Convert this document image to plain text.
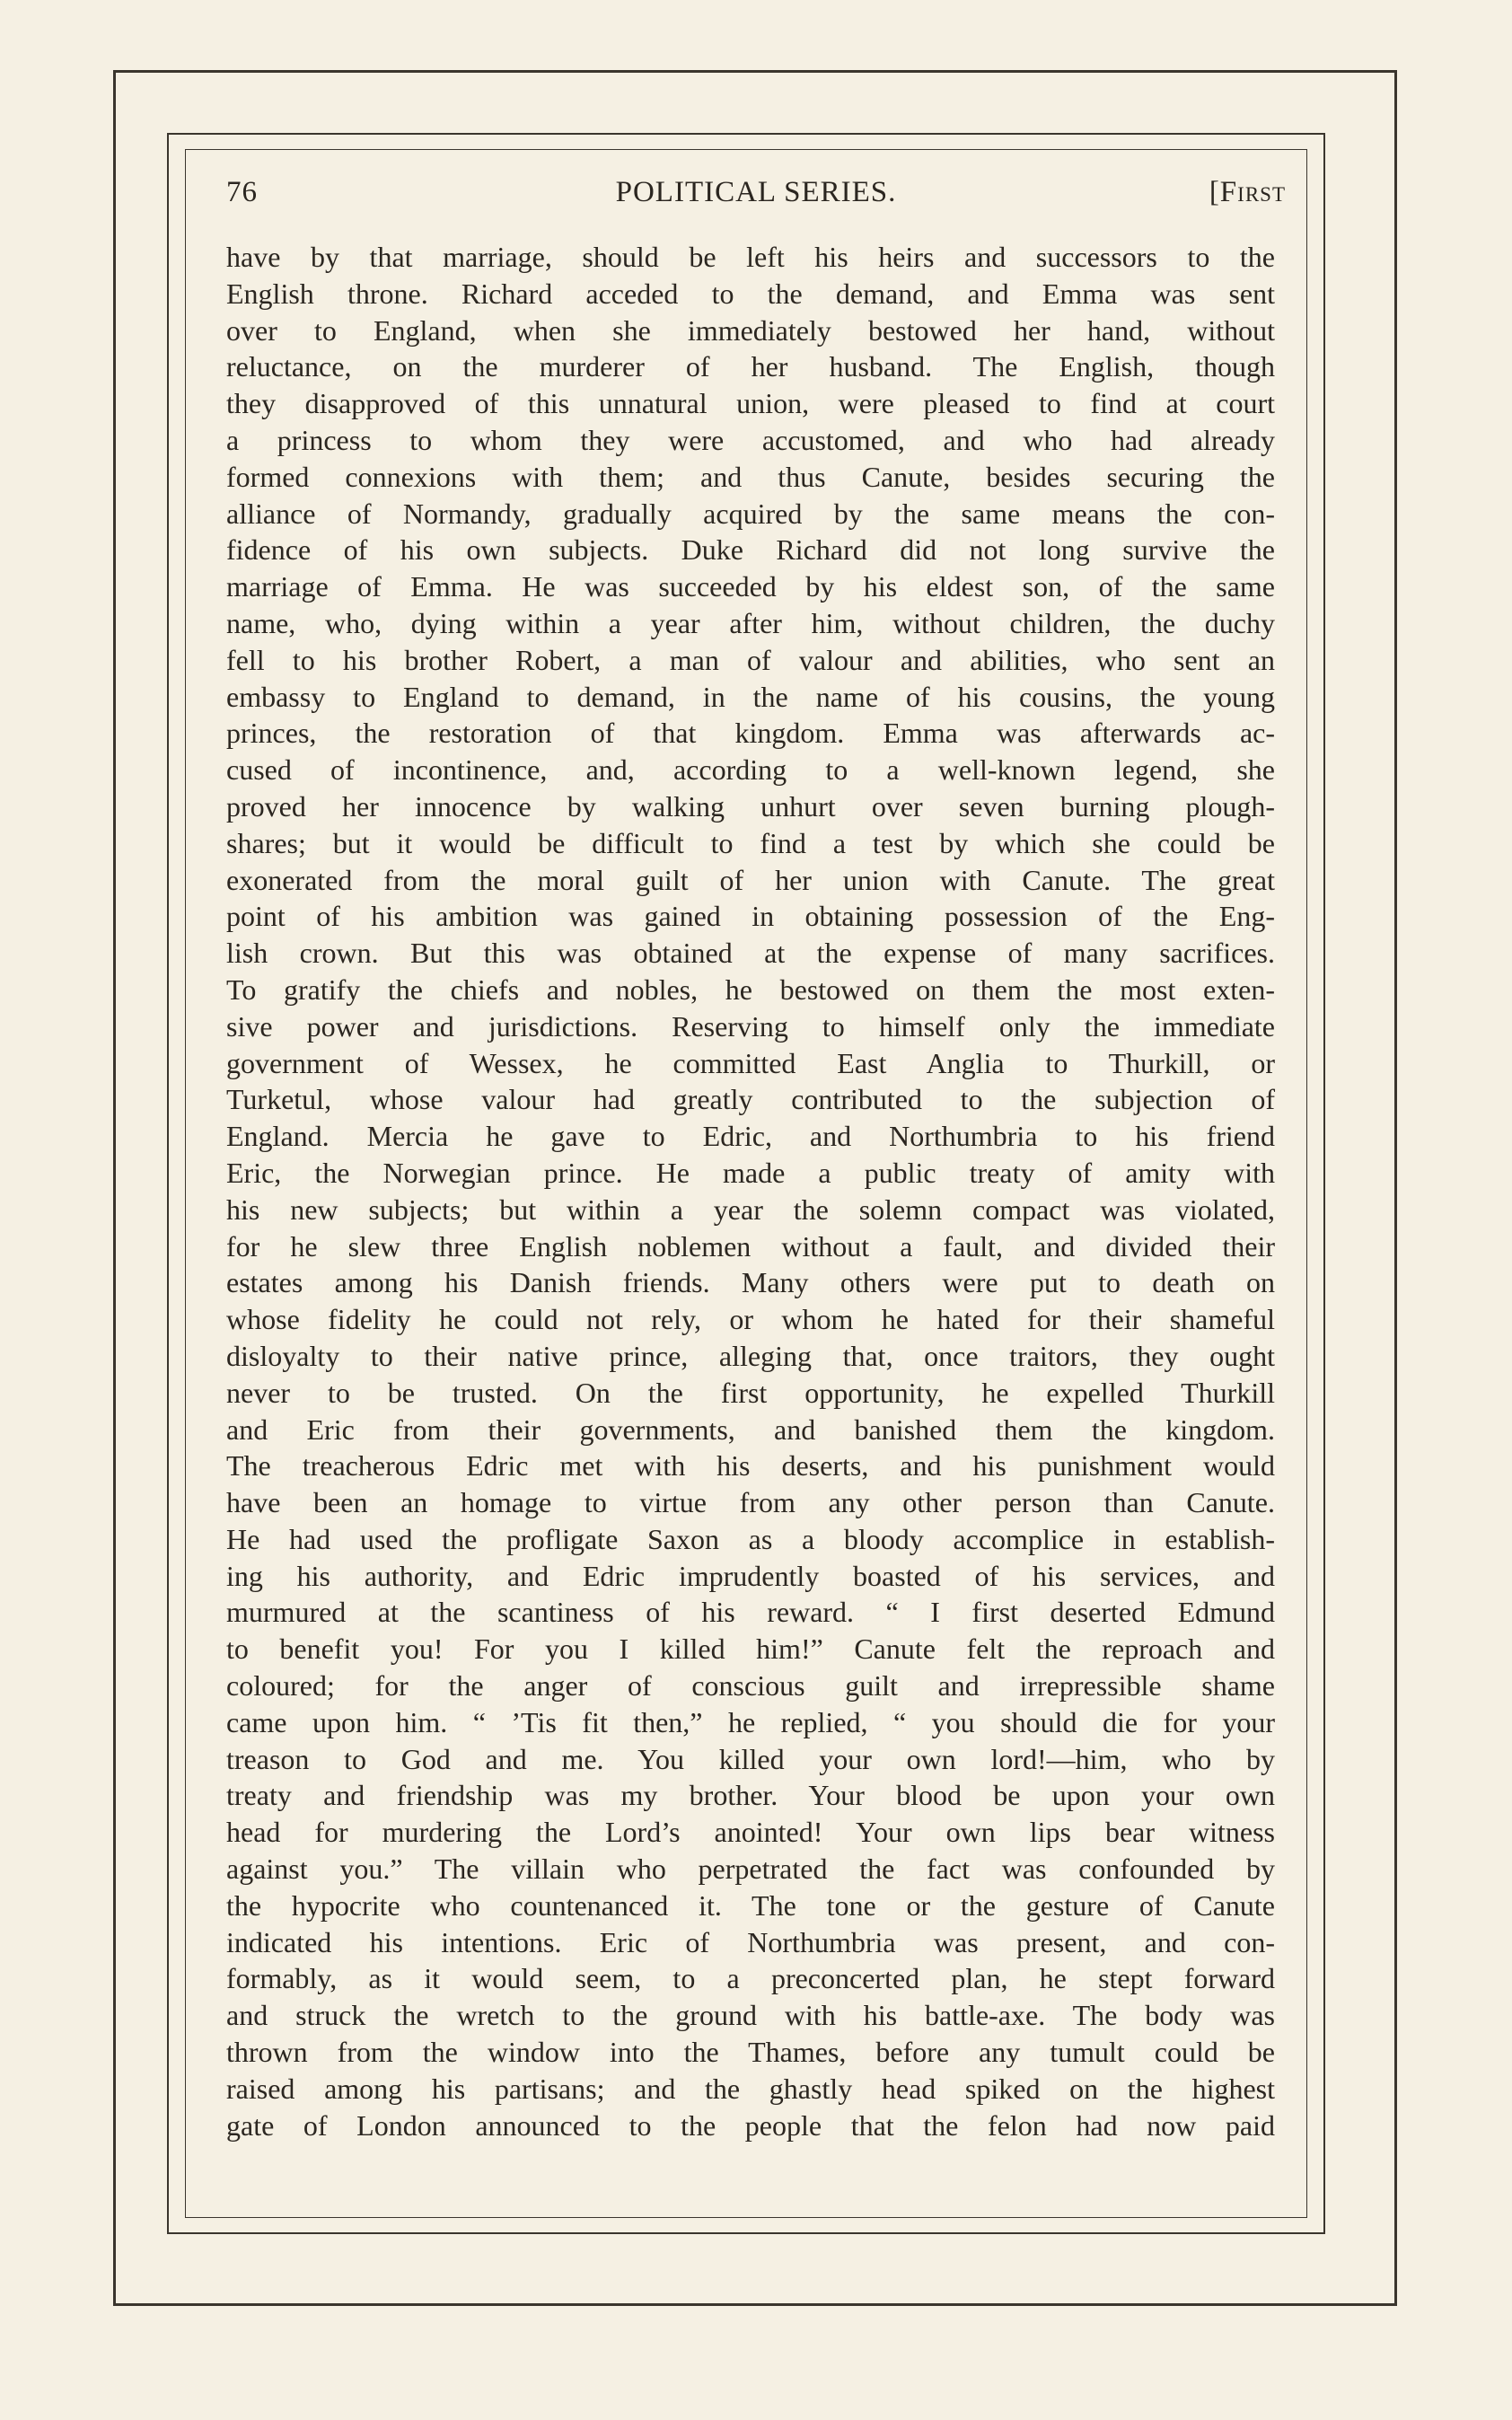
76	POLITICAL SERIES.	[First
have by that marriage, should be left his heirs and successors to the
English throne. Richard acceded to the demand, and Emma was sent
over to England, when she immediately bestowed her hand, without
reluctance, on the murderer of her husband. The English, though
they disapproved of this unnatural union, were pleased to find at court
a princess to whom they were accustomed, and who had already
formed connexions with them; and thus Canute, besides securing the
alliance of Normandy, gradually acquired by the same means the con-
fidence of his own subjects. Duke Richard did not long survive the
marriage of Emma. He was succeeded by his eldest son, of the same
name, who, dying within a year after him, without children, the duchy
fell to his brother Robert, a man of valour and abilities, who sent an
embassy to England to demand, in the name of his cousins, the young
princes, the restoration of that kingdom. Emma was afterwards ac-
cused of incontinence, and, according to a well-known legend, she
proved her innocence by walking unhurt over seven burning plough-
shares; but it would be difficult to find a test by which she could be
exonerated from the moral guilt of her union with Canute. The great
point of his ambition was gained in obtaining possession of the Eng-
lish crown. But this was obtained at the expense of many sacrifices.
To gratify the chiefs and nobles, he bestowed on them the most exten-
sive power and jurisdictions. Reserving to himself only the immediate
government of Wessex, he committed East Anglia to Thurkill, or
Turketul, whose valour had greatly contributed to the subjection of
England. Mercia he gave to Edric, and Northumbria to his friend
Eric, the Norwegian prince. He made a public treaty of amity with
his new subjects; but within a year the solemn compact was violated,
for he slew three English noblemen without a fault, and divided their
estates among his Danish friends. Many others were put to death on
whose fidelity he could not rely, or whom he hated for their shameful
disloyalty to their native prince, alleging that, once traitors, they ought
never to be trusted. On the first opportunity, he expelled Thurkill
and Eric from their governments, and banished them the kingdom.
The treacherous Edric met with his deserts, and his punishment would
have been an homage to virtue from any other person than Canute.
He had used the profligate Saxon as a bloody accomplice in establish-
ing his authority, and Edric imprudently boasted of his services, and
murmured at the scantiness of his reward. “ I first deserted Edmund
to benefit you! For you I killed him!” Canute felt the reproach and
coloured; for the anger of conscious guilt and irrepressible shame
came upon him. “ ’Tis fit then,” he replied, “ you should die for your
treason to God and me. You killed your own lord!—him, who by
treaty and friendship was my brother. Your blood be upon your own
head for murdering the Lord’s anointed! Your own lips bear witness
against you.” The villain who perpetrated the fact was confounded by
the hypocrite who countenanced it. The tone or the gesture of Canute
indicated his intentions. Eric of Northumbria was present, and con-
formably, as it would seem, to a preconcerted plan, he stept forward
and struck the wretch to the ground with his battle-axe. The body was
thrown from the window into the Thames, before any tumult could be
raised among his partisans; and the ghastly head spiked on the highest
gate of London announced to the people that the felon had now paid
